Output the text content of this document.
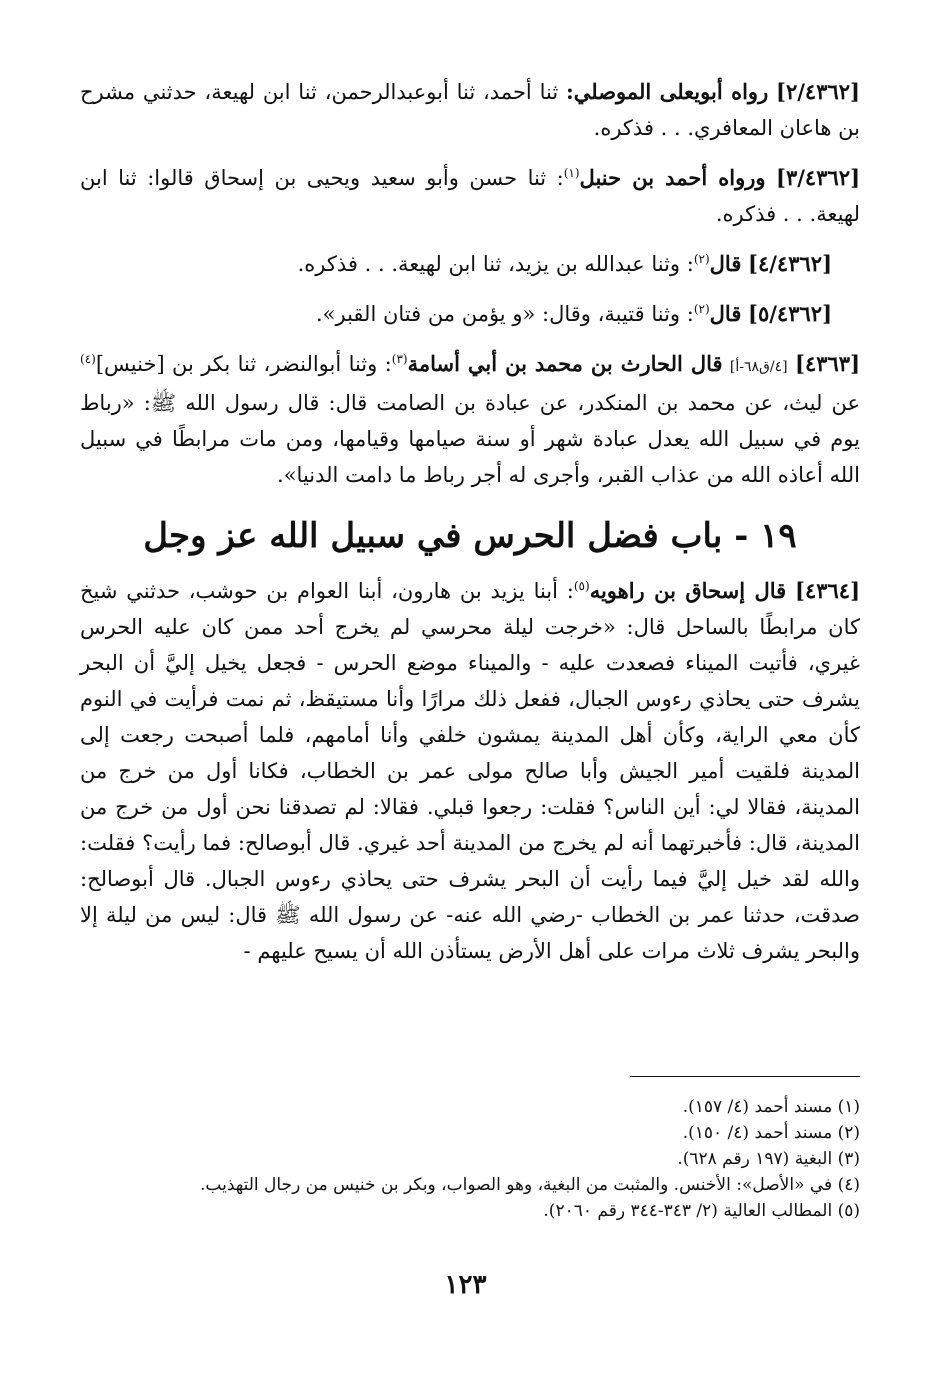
[٢/٤٣٦٢] رواه أبويعلى الموصلي: ثنا أحمد، ثنا أبوعبدالرحمن، ثنا ابن لهيعة، حدثني مشرح بن هاعان المعافري. . . فذكره.

[٣/٤٣٦٢] ورواه أحمد بن حنبل$^{(١)}$: ثنا حسن وأبو سعيد ويحيى بن إسحاق قالوا: ثنا ابن لهيعة. . . فذكره.

[٤/٤٣٦٢] قال$^{(٢)}$: وثنا عبدالله بن يزيد، ثنا ابن لهيعة. . . فذكره.

[٥/٤٣٦٢] قال$^{(٢)}$: وثنا قتيبة، وقال: «و يؤمن من فتان القبر».

[٤٣٦٣] [٤/ق٦٨-أ] قال الحارث بن محمد بن أبي أسامة$^{(٣)}$: وثنا أبوالنضر، ثنا بكر بن [خنيس]$^{(٤)}$ عن ليث، عن محمد بن المنكدر، عن عبادة بن الصامت قال: قال رسول الله ﷺ: «رباط يوم في سبيل الله يعدل عبادة شهر أو سنة صيامها وقيامها، ومن مات مرابطًا في سبيل الله أعاذه الله من عذاب القبر، وأجرى له أجر رباط ما دامت الدنيا».

١٩ - باب فضل الحرس في سبيل الله عز وجل

[٤٣٦٤] قال إسحاق بن راهويه$^{(٥)}$: أبنا يزيد بن هارون، أبنا العوام بن حوشب، حدثني شيخ كان مرابطًا بالساحل قال: «خرجت ليلة محرسي لم يخرج أحد ممن كان عليه الحرس غيري، فأتيت الميناء فصعدت عليه - والميناء موضع الحرس - فجعل يخيل إليَّ أن البحر يشرف حتى يحاذي رءوس الجبال، ففعل ذلك مرارًا وأنا مستيقظ، ثم نمت فرأيت في النوم كأن معي الراية، وكأن أهل المدينة يمشون خلفي وأنا أمامهم، فلما أصبحت رجعت إلى المدينة فلقيت أمير الجيش وأبا صالح مولى عمر بن الخطاب، فكانا أول من خرج من المدينة، فقالا لي: أين الناس؟ فقلت: رجعوا قبلي. فقالا: لم تصدقنا نحن أول من خرج من المدينة، قال: فأخبرتهما أنه لم يخرج من المدينة أحد غيري. قال أبوصالح: فما رأيت؟ فقلت: والله لقد خيل إليَّ فيما رأيت أن البحر يشرف حتى يحاذي رءوس الجبال. قال أبوصالح: صدقت، حدثنا عمر بن الخطاب -رضي الله عنه- عن رسول الله ﷺ قال: ليس من ليلة إلا والبحر يشرف ثلاث مرات على أهل الأرض يستأذن الله أن يسيح عليهم -

(١) مسند أحمد (٤/ ١٥٧).

(٢) مسند أحمد (٤/ ١٥٠).

(٣) البغية (١٩٧ رقم ٦٢٨).

(٤) في «الأصل»: الأخنس. والمثبت من البغية، وهو الصواب، وبكر بن خنيس من رجال التهذيب.

(٥) المطالب العالية (٢/ ٣٤٣-٣٤٤ رقم ٢٠٦٠).

١٢٣
